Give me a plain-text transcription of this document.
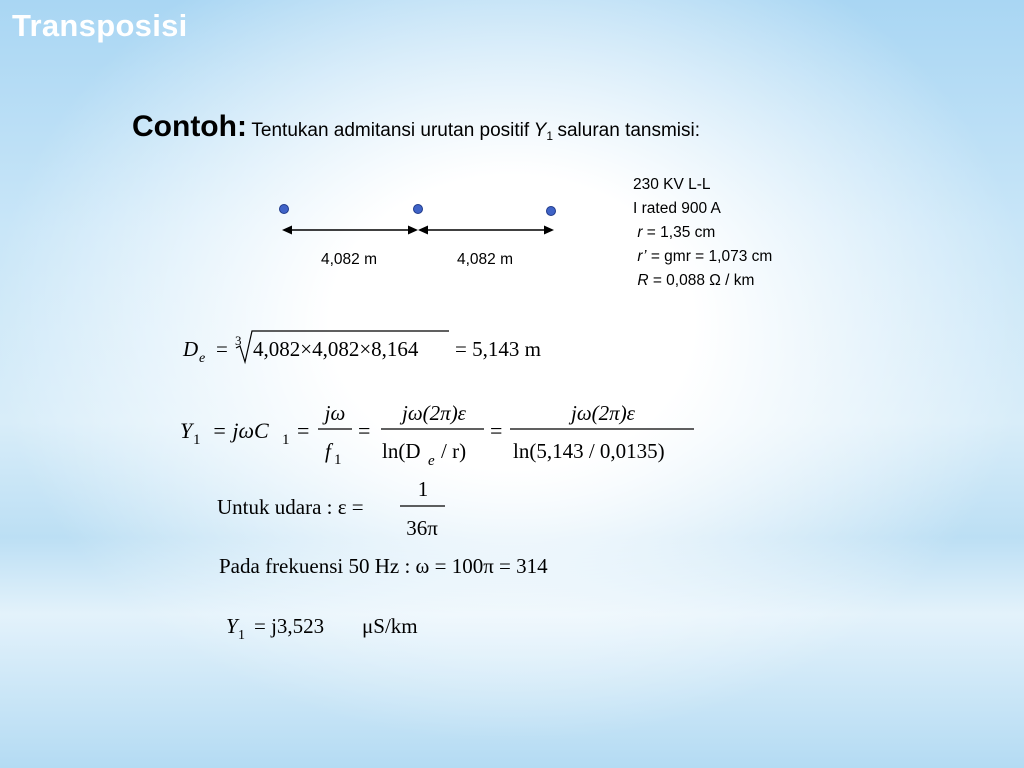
Transposisi
Contoh: Tentukan admitansi urutan positif $Y_1$ saluran tansmisi:
4,082 m	4,082 m
D e = 3 4,082×4,082×8,164 = 5,143 m
Y 1 = jωC 1 =
jω
f 1
=
jω(2π)ε
ln(D e / r)
=
jω(2π)ε
ln(5,143 / 0,0135)
Untuk udara : ε =
1
36π
Pada frekuensi 50 Hz : ω = 100π = 314
Y 1 = j3,523 μS/km
230 KV L-L
I rated 900 A
r = 1,35 cm
r’ = gmr = 1,073 cm
R = 0,088 Ω / km
